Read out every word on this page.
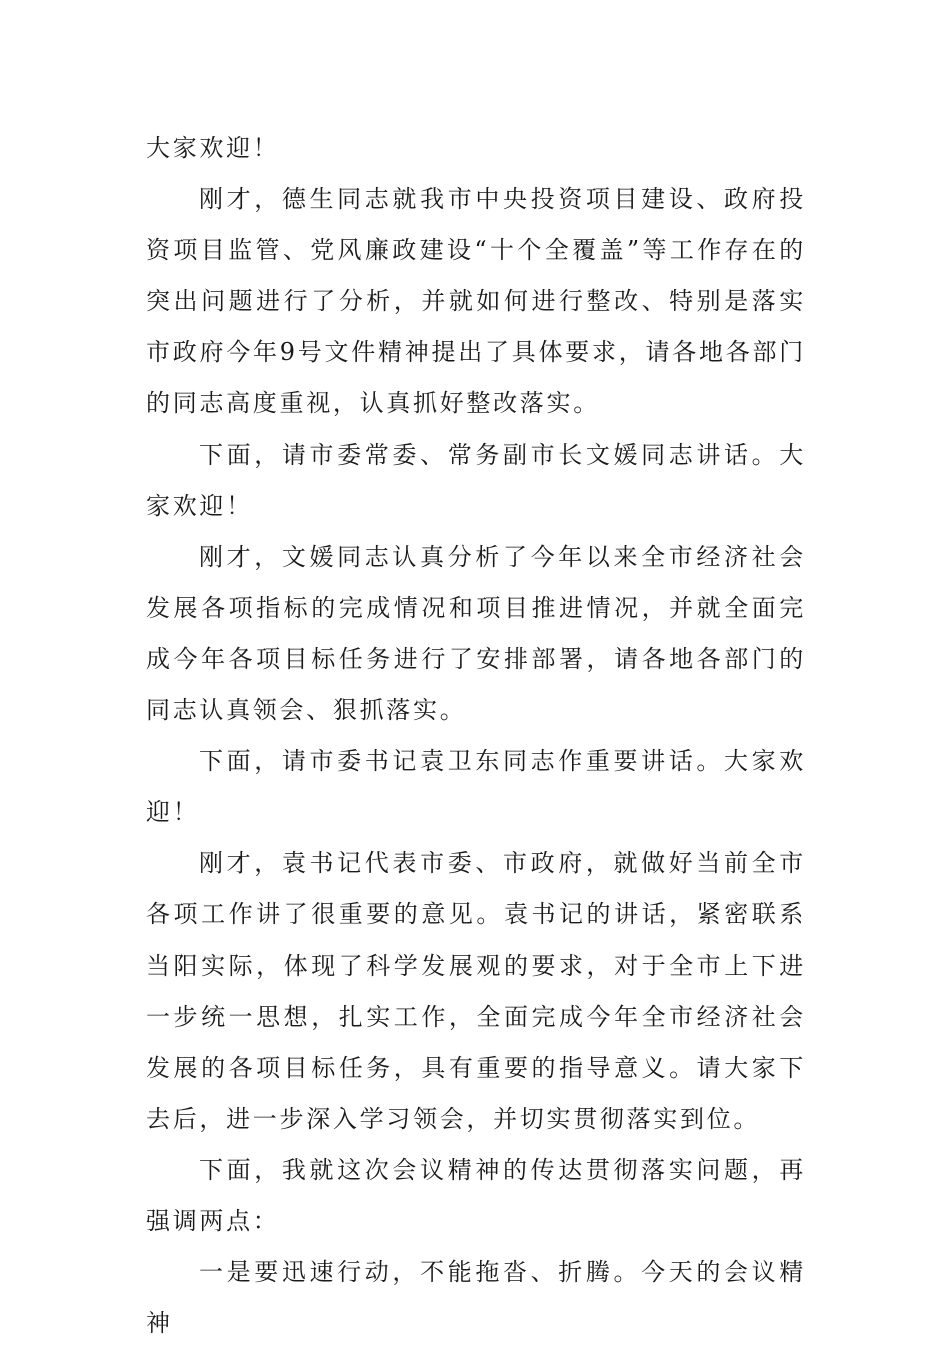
大家欢迎！

刚才，德生同志就我市中央投资项目建设、政府投资项目监管、党风廉政建设“十个全覆盖”等工作存在的突出问题进行了分析，并就如何进行整改、特别是落实市政府今年9号文件精神提出了具体要求，请各地各部门的同志高度重视，认真抓好整改落实。

下面，请市委常委、常务副市长文媛同志讲话。大家欢迎！

刚才，文媛同志认真分析了今年以来全市经济社会发展各项指标的完成情况和项目推进情况，并就全面完成今年各项目标任务进行了安排部署，请各地各部门的同志认真领会、狠抓落实。

下面，请市委书记袁卫东同志作重要讲话。大家欢迎！

刚才，袁书记代表市委、市政府，就做好当前全市各项工作讲了很重要的意见。袁书记的讲话，紧密联系当阳实际，体现了科学发展观的要求，对于全市上下进一步统一思想，扎实工作，全面完成今年全市经济社会发展的各项目标任务，具有重要的指导意义。请大家下去后，进一步深入学习领会，并切实贯彻落实到位。

下面，我就这次会议精神的传达贯彻落实问题，再强调两点：

一是要迅速行动，不能拖沓、折腾。今天的会议精神
